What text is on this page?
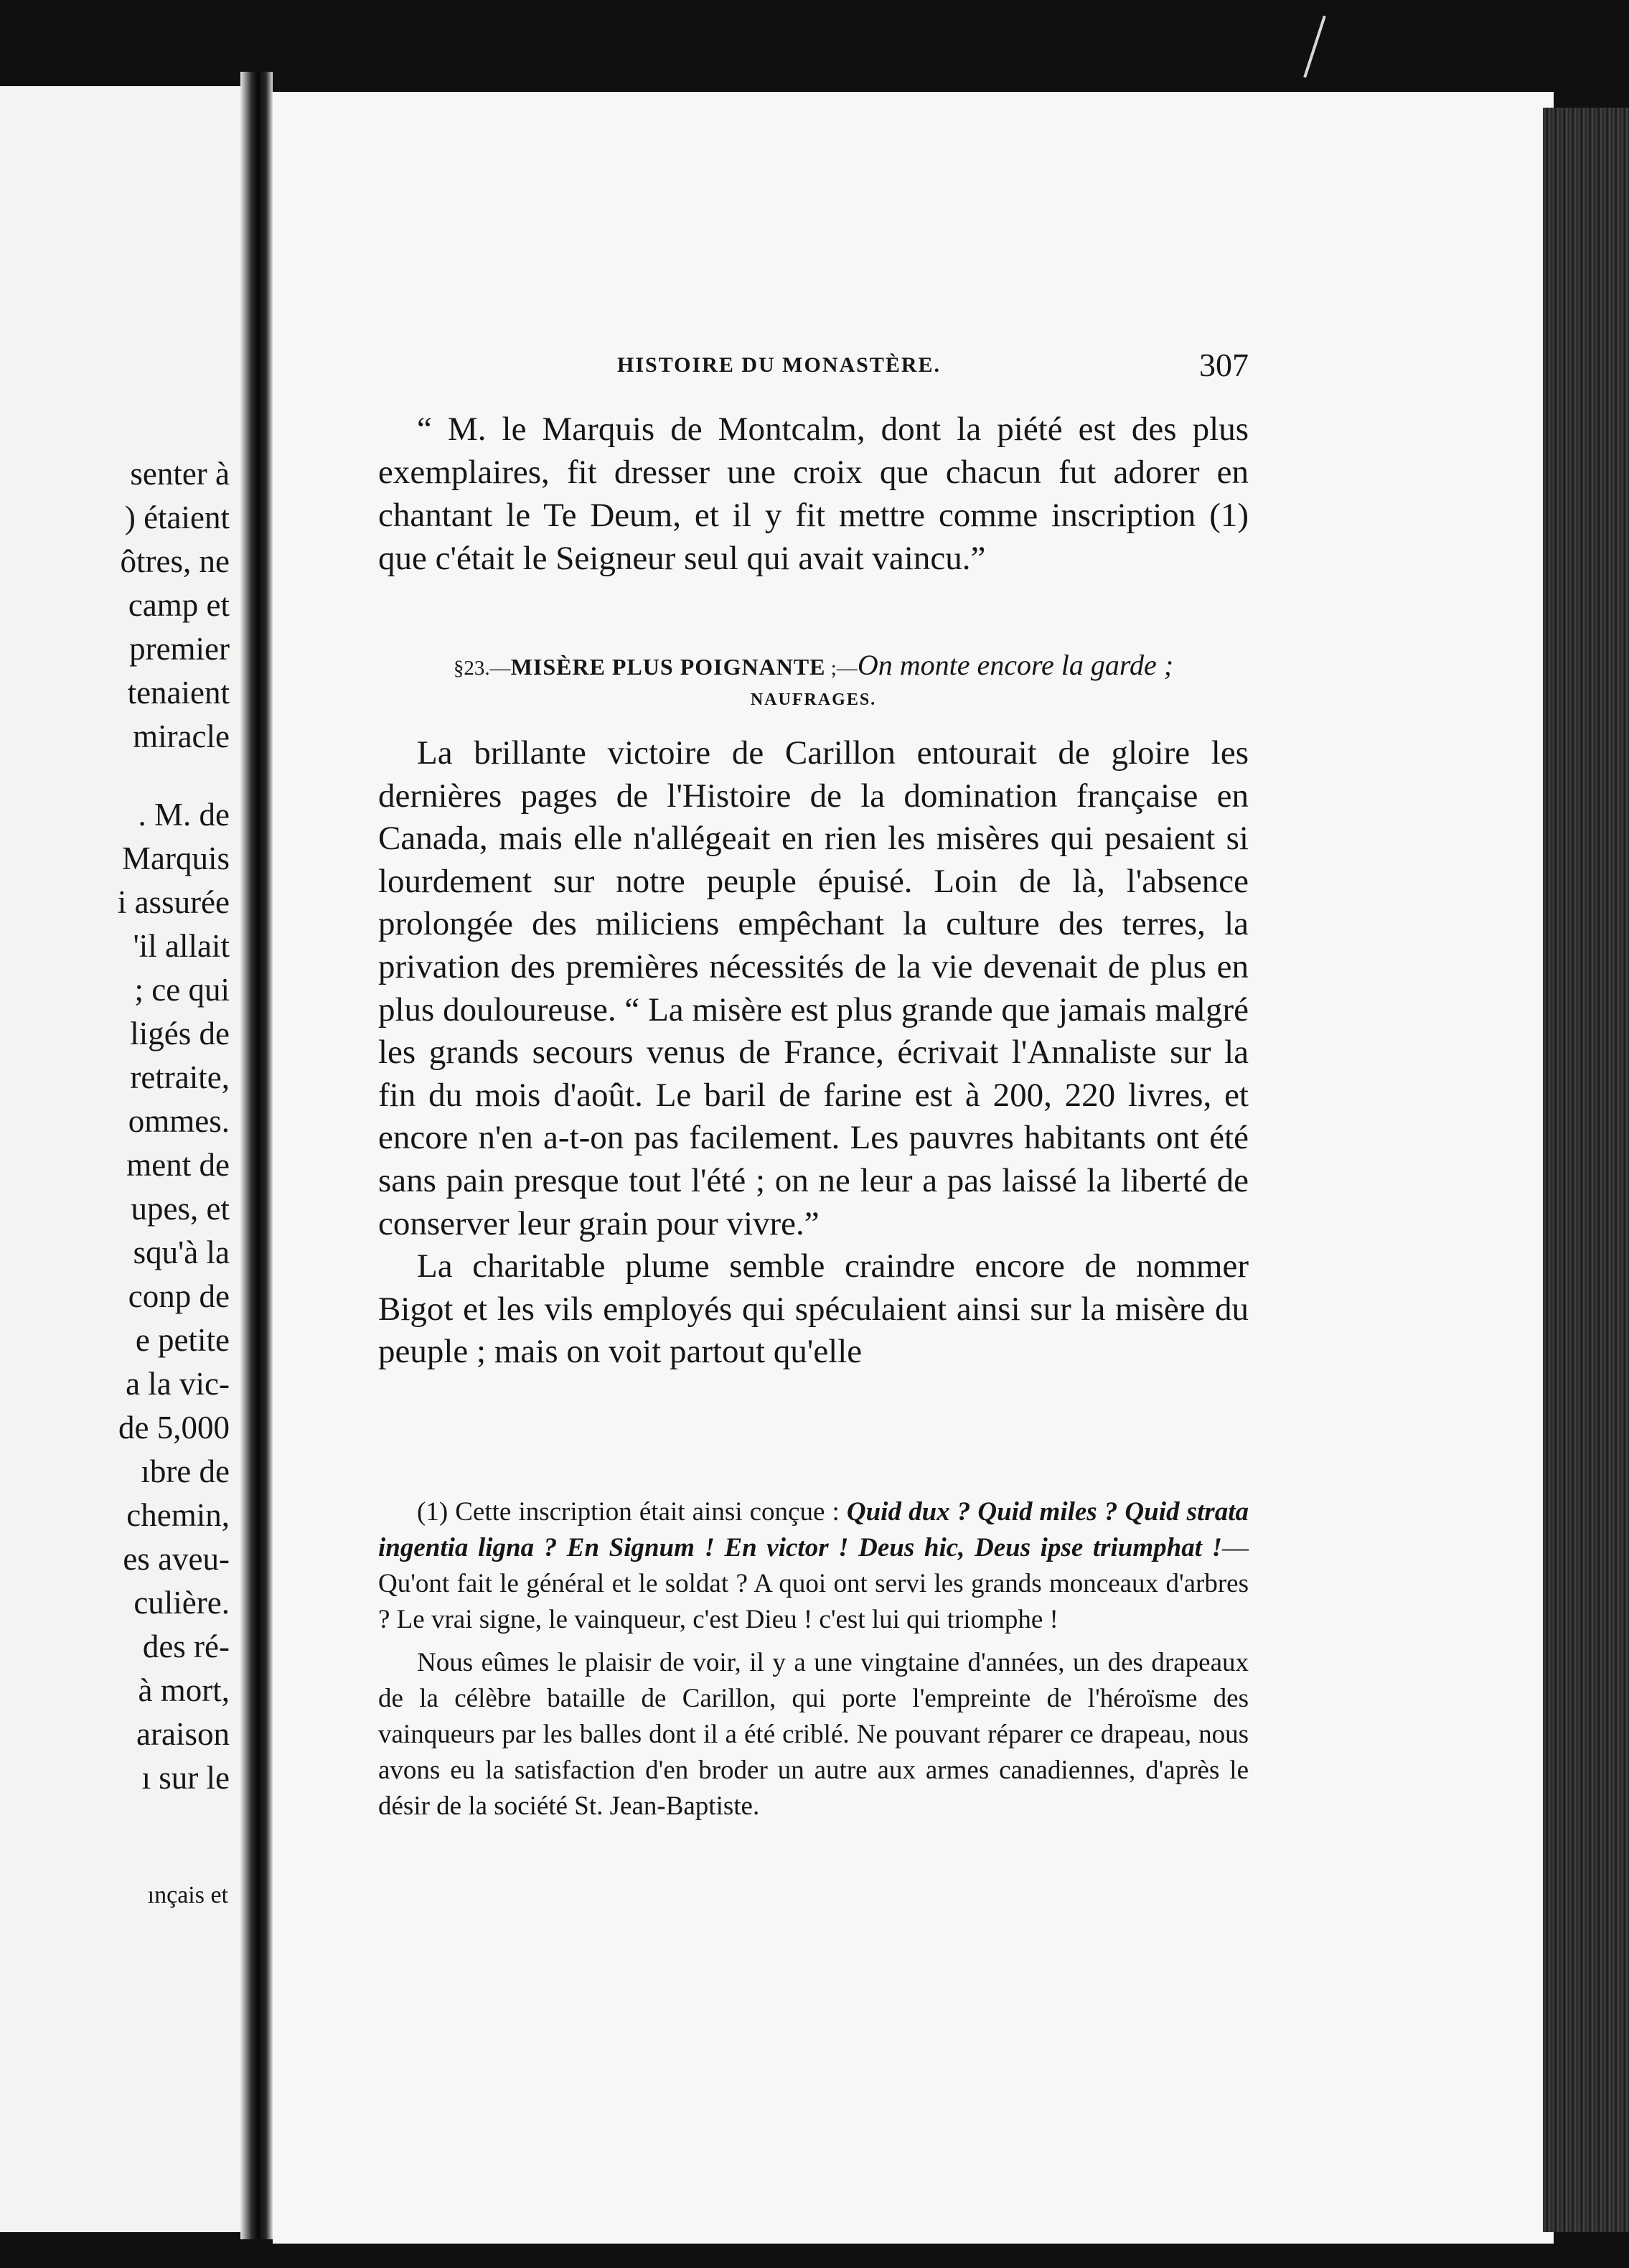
senter à
) étaient
ôtres, ne
camp et
premier
tenaient
miracle
. M. de
Marquis
i assurée
'il allait
; ce qui
ligés de
retraite,
ommes.
ment de
upes, et
squ'à la
conp de
e petite
a la vic-
de 5,000
ıbre de
chemin,
es aveu-
culière.
des ré-
à mort,
araison
ı sur le
ınçais et
HISTOIRE DU MONASTÈRE.	307

“ M. le Marquis de Montcalm, dont la piété est des plus exemplaires, fit dresser une croix que chacun fut adorer en chantant le Te Deum, et il y fit mettre comme inscription (1) que c'était le Seigneur seul qui avait vaincu.”

§23.—MISÈRE PLUS POIGNANTE ;—On monte encore la garde ;
NAUFRAGES.

La brillante victoire de Carillon entourait de gloire les dernières pages de l'Histoire de la domination française en Canada, mais elle n'allégeait en rien les misères qui pesaient si lourdement sur notre peuple épuisé. Loin de là, l'absence prolongée des miliciens empêchant la culture des terres, la privation des premières nécessités de la vie devenait de plus en plus douloureuse. “ La misère est plus grande que jamais malgré les grands secours venus de France, écrivait l'Annaliste sur la fin du mois d'août. Le baril de farine est à 200, 220 livres, et encore n'en a-t-on pas facilement. Les pauvres habitants ont été sans pain presque tout l'été ; on ne leur a pas laissé la liberté de conserver leur grain pour vivre.”

La charitable plume semble craindre encore de nommer Bigot et les vils employés qui spéculaient ainsi sur la misère du peuple ; mais on voit partout qu'elle

(1) Cette inscription était ainsi conçue : Quid dux ? Quid miles ? Quid strata ingentia ligna ? En Signum ! En victor ! Deus hic, Deus ipse triumphat !—Qu'ont fait le général et le soldat ? A quoi ont servi les grands monceaux d'arbres ? Le vrai signe, le vainqueur, c'est Dieu ! c'est lui qui triomphe !

Nous eûmes le plaisir de voir, il y a une vingtaine d'années, un des drapeaux de la célèbre bataille de Carillon, qui porte l'empreinte de l'héroïsme des vainqueurs par les balles dont il a été criblé. Ne pouvant réparer ce drapeau, nous avons eu la satisfaction d'en broder un autre aux armes canadiennes, d'après le désir de la société St. Jean-Baptiste.
